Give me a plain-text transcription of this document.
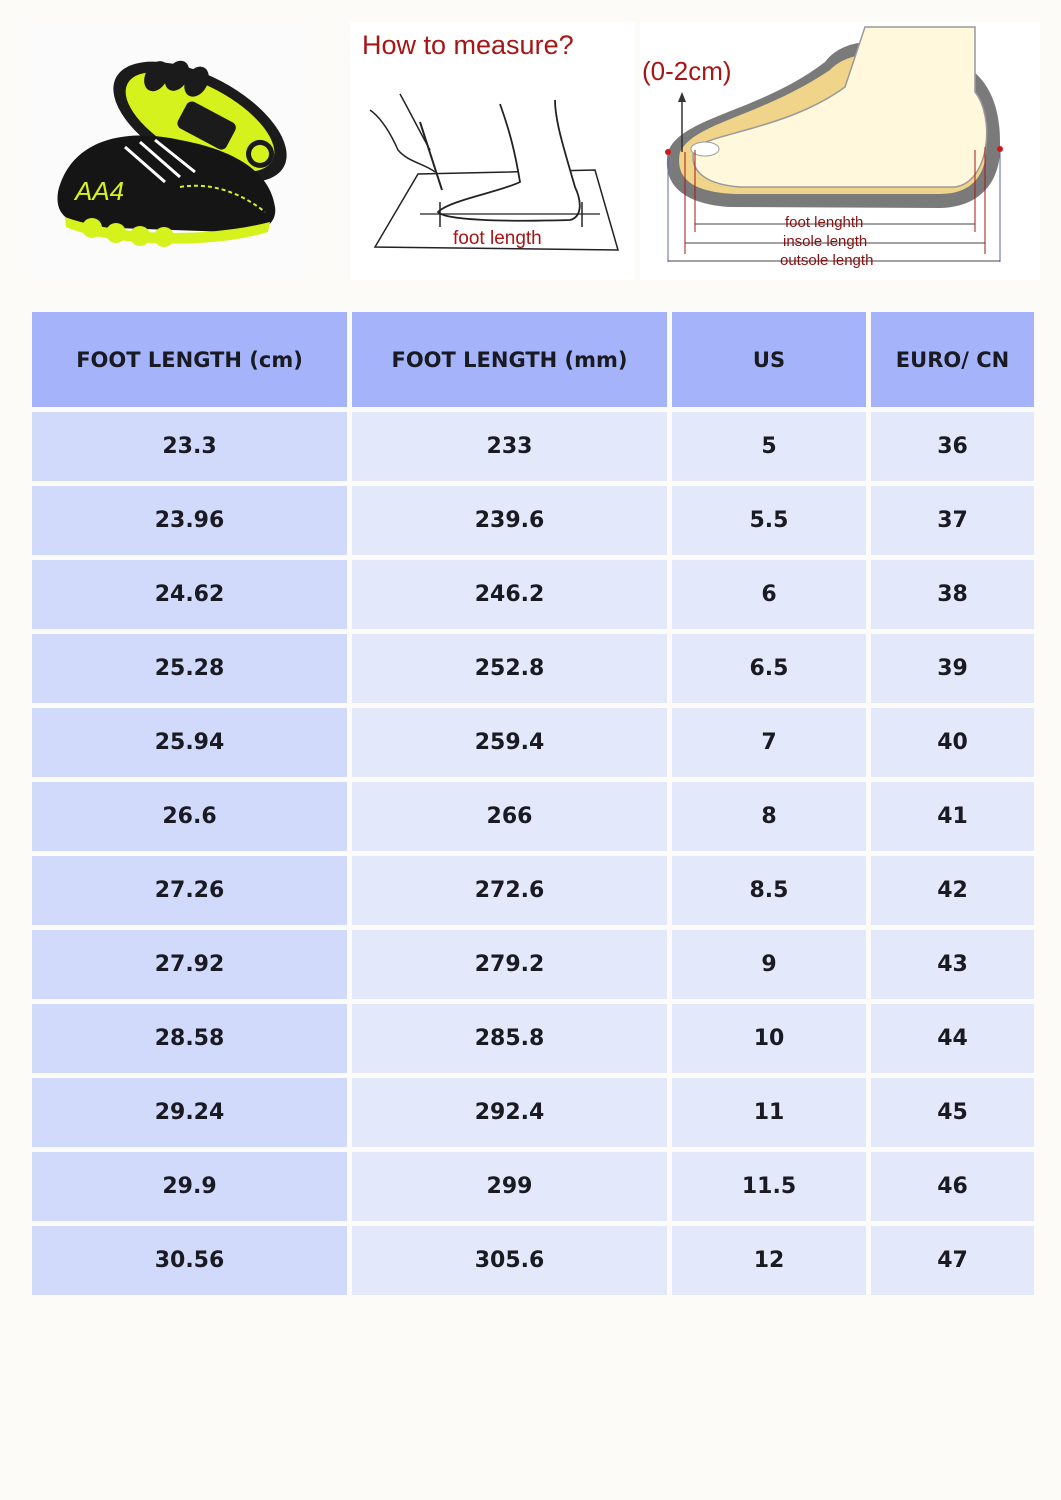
AA4
How to measure?
foot length
(0-2cm)
foot lenghth
insole length
outsole length
FOOT LENGTH (cm)	FOOT LENGTH (mm)	US	EURO/ CN
23.3	233	5	36
23.96	239.6	5.5	37
24.62	246.2	6	38
25.28	252.8	6.5	39
25.94	259.4	7	40
26.6	266	8	41
27.26	272.6	8.5	42
27.92	279.2	9	43
28.58	285.8	10	44
29.24	292.4	11	45
29.9	299	11.5	46
30.56	305.6	12	47
